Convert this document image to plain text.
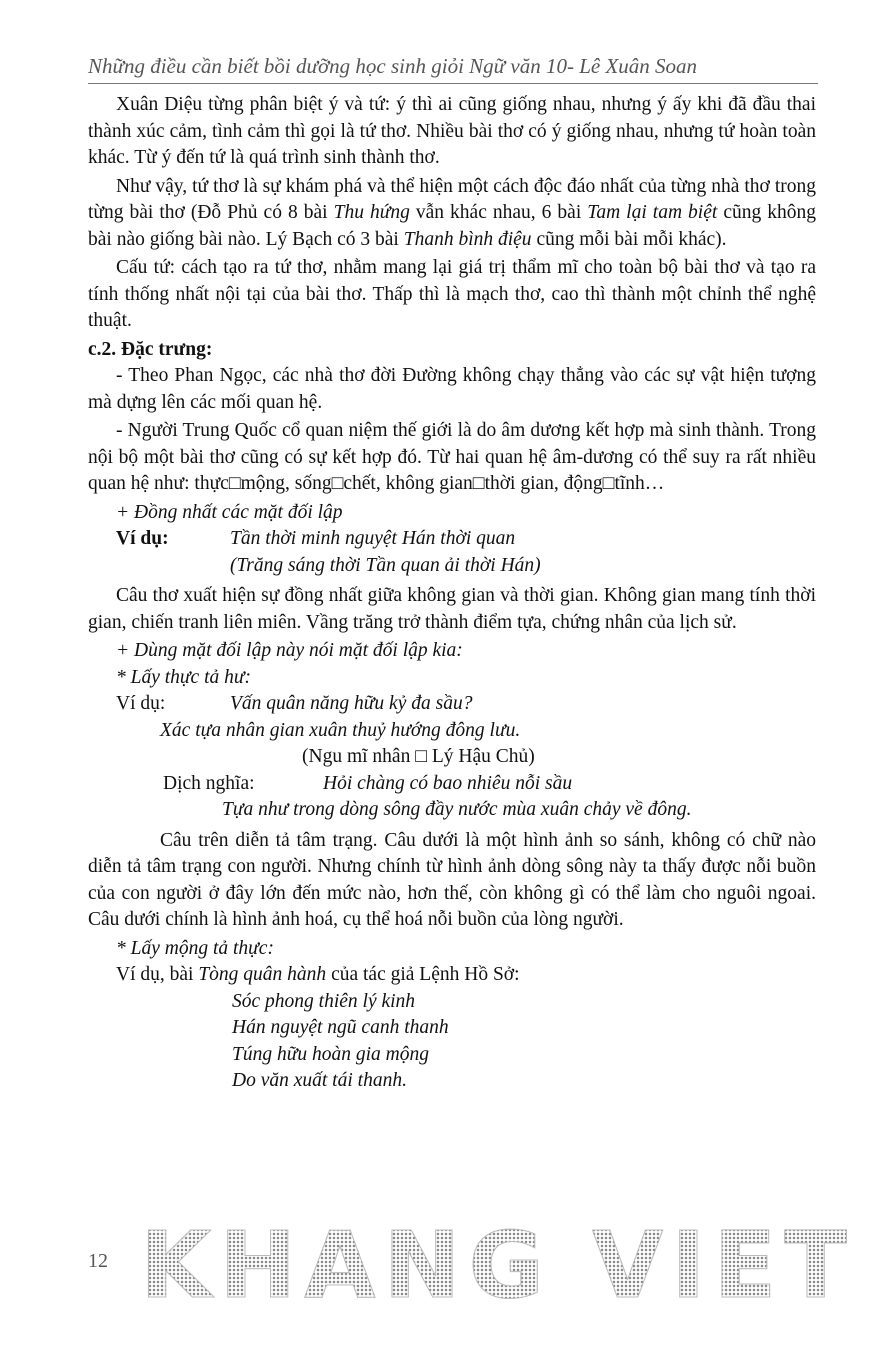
Những điều cần biết bồi dưỡng học sinh giỏi Ngữ văn 10- Lê Xuân Soan

Xuân Diệu từng phân biệt ý và tứ: ý thì ai cũng giống nhau, nhưng ý ấy khi đã đầu thai thành xúc cảm, tình cảm thì gọi là tứ thơ. Nhiều bài thơ có ý giống nhau, nhưng tứ hoàn toàn khác. Từ ý đến tứ là quá trình sinh thành thơ.

Như vậy, tứ thơ là sự khám phá và thể hiện một cách độc đáo nhất của từng nhà thơ trong từng bài thơ (Đỗ Phủ có 8 bài Thu hứng vẫn khác nhau, 6 bài Tam lại tam biệt cũng không bài nào giống bài nào. Lý Bạch có 3 bài Thanh bình điệu cũng mỗi bài mỗi khác).

Cấu tứ: cách tạo ra tứ thơ, nhằm mang lại giá trị thẩm mĩ cho toàn bộ bài thơ và tạo ra tính thống nhất nội tại của bài thơ. Thấp thì là mạch thơ, cao thì thành một chỉnh thể nghệ thuật.

c.2. Đặc trưng:

- Theo Phan Ngọc, các nhà thơ đời Đường không chạy thẳng vào các sự vật hiện tượng mà dựng lên các mối quan hệ.

- Người Trung Quốc cổ quan niệm thế giới là do âm dương kết hợp mà sinh thành. Trong nội bộ một bài thơ cũng có sự kết hợp đó. Từ hai quan hệ âm-dương có thể suy ra rất nhiều quan hệ như: thực□mộng, sống□chết, không gian□thời gian, động□tĩnh…

+ Đồng nhất các mặt đối lập

Ví dụ:	Tần thời minh nguyệt Hán thời quan
(Trăng sáng thời Tần quan ải thời Hán)

Câu thơ xuất hiện sự đồng nhất giữa không gian và thời gian. Không gian mang tính thời gian, chiến tranh liên miên. Vầng trăng trở thành điểm tựa, chứng nhân của lịch sử.

+ Dùng mặt đối lập này nói mặt đối lập kia:

* Lấy thực tả hư:

Ví dụ:	Vấn quân năng hữu kỷ đa sầu?
Xác tựa nhân gian xuân thuỷ hướng đông lưu.
(Ngu mĩ nhân □ Lý Hậu Chủ)
Dịch nghĩa:	Hỏi chàng có bao nhiêu nỗi sầu
Tựa như trong dòng sông đầy nước mùa xuân chảy về đông.

Câu trên diễn tả tâm trạng. Câu dưới là một hình ảnh so sánh, không có chữ nào diễn tả tâm trạng con người. Nhưng chính từ hình ảnh dòng sông này ta thấy được nỗi buồn của con người ở đây lớn đến mức nào, hơn thế, còn không gì có thể làm cho nguôi ngoai. Câu dưới chính là hình ảnh hoá, cụ thể hoá nỗi buồn của lòng người.

* Lấy mộng tả thực:

Ví dụ, bài Tòng quân hành của tác giả Lệnh Hồ Sở:

Sóc phong thiên lý kinh

Hán nguyệt ngũ canh thanh

Túng hữu hoàn gia mộng

Do văn xuất tái thanh.

KHANG VIET
12
